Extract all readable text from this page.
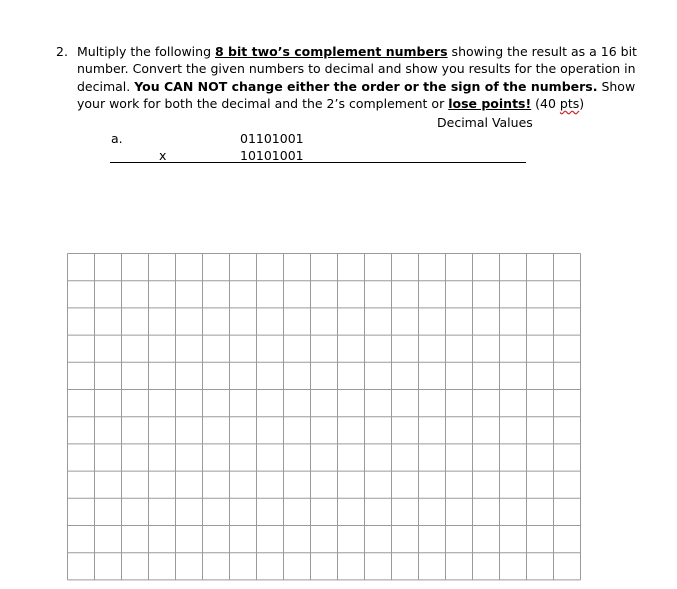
2. Multiply the following 8 bit two’s complement numbers showing the result as a 16 bit number. Convert the given numbers to decimal and show you results for the operation in decimal. You CAN NOT change either the order or the sign of the numbers. Show your work for both the decimal and the 2’s complement or lose points! (40 pts)
Decimal Values
a.	01101001
x	10101001
